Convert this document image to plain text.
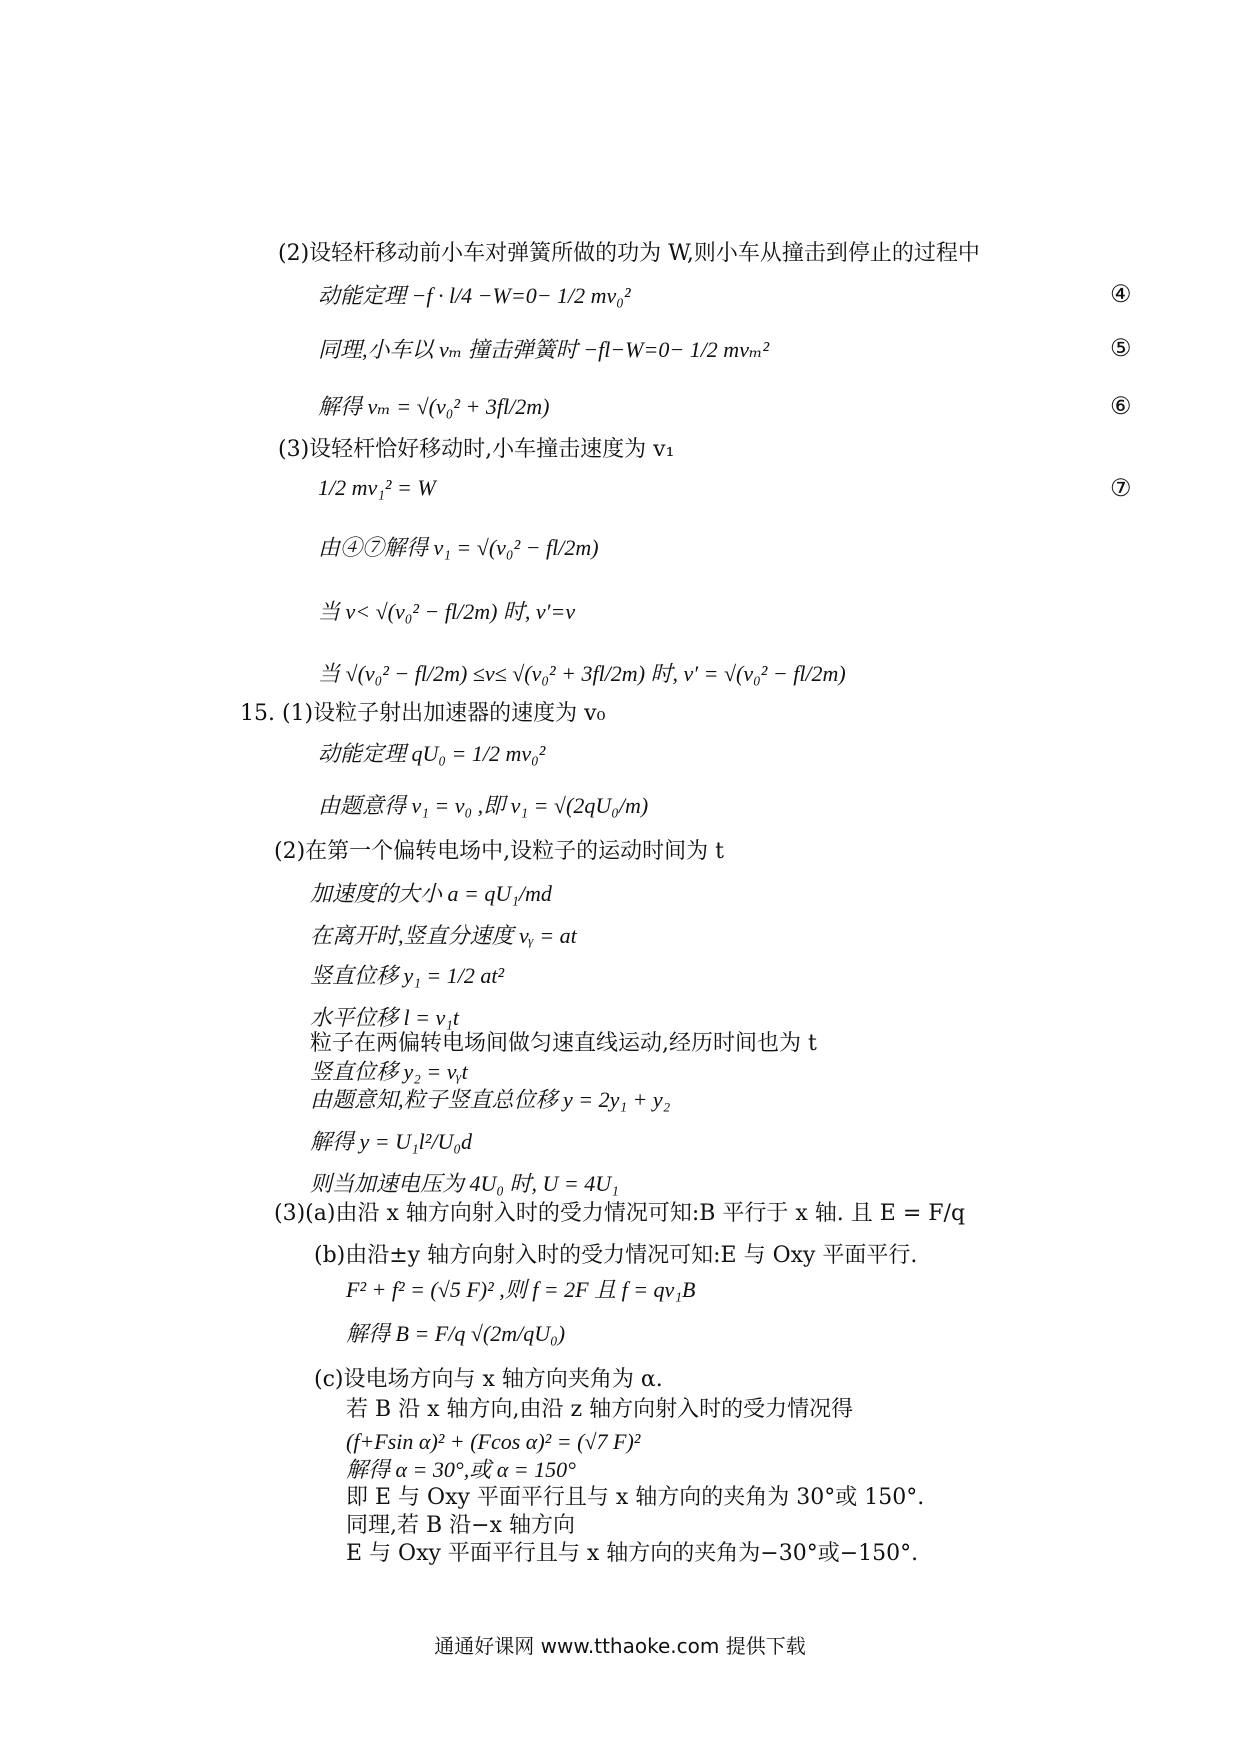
(2)设轻杆移动前小车对弹簧所做的功为 W,则小车从撞击到停止的过程中
动能定理 −f · l/4 −W=0− 1/2 mv₀²	④
同理,小车以 vₘ 撞击弹簧时 −fl−W=0− 1/2 mvₘ²	⑤
解得 vₘ = √(v₀² + 3fl/2m)	⑥
(3)设轻杆恰好移动时,小车撞击速度为 v₁
1/2 mv₁² = W	⑦
由④⑦解得 v₁ = √(v₀² − fl/2m)
当 v< √(v₀² − fl/2m) 时, v′=v
当 √(v₀² − fl/2m) ≤v≤ √(v₀² + 3fl/2m) 时, v′ = √(v₀² − fl/2m)
15. (1)设粒子射出加速器的速度为 v₀
动能定理 qU₀ = 1/2 mv₀²
由题意得 v₁ = v₀ ,即 v₁ = √(2qU₀/m)
(2)在第一个偏转电场中,设粒子的运动时间为 t
加速度的大小 a = qU₁/md
在离开时,竖直分速度 vᵧ = at
竖直位移 y₁ = 1/2 at²
水平位移 l = v₁t
粒子在两偏转电场间做匀速直线运动,经历时间也为 t
竖直位移 y₂ = vᵧt
由题意知,粒子竖直总位移 y = 2y₁ + y₂
解得 y = U₁l²/U₀d
则当加速电压为 4U₀ 时, U = 4U₁
(3)(a)由沿 x 轴方向射入时的受力情况可知:B 平行于 x 轴. 且 E = F/q
(b)由沿±y 轴方向射入时的受力情况可知:E 与 Oxy 平面平行.
F² + f² = (√5 F)² ,则 f = 2F 且 f = qv₁B
解得 B = F/q √(2m/qU₀)
(c)设电场方向与 x 轴方向夹角为 α.
若 B 沿 x 轴方向,由沿 z 轴方向射入时的受力情况得
(f+Fsin α)² + (Fcos α)² = (√7 F)²
解得 α = 30°,或 α = 150°
即 E 与 Oxy 平面平行且与 x 轴方向的夹角为 30°或 150°.
同理,若 B 沿−x 轴方向
E 与 Oxy 平面平行且与 x 轴方向的夹角为−30°或−150°.
通通好课网 www.tthaoke.com 提供下载
